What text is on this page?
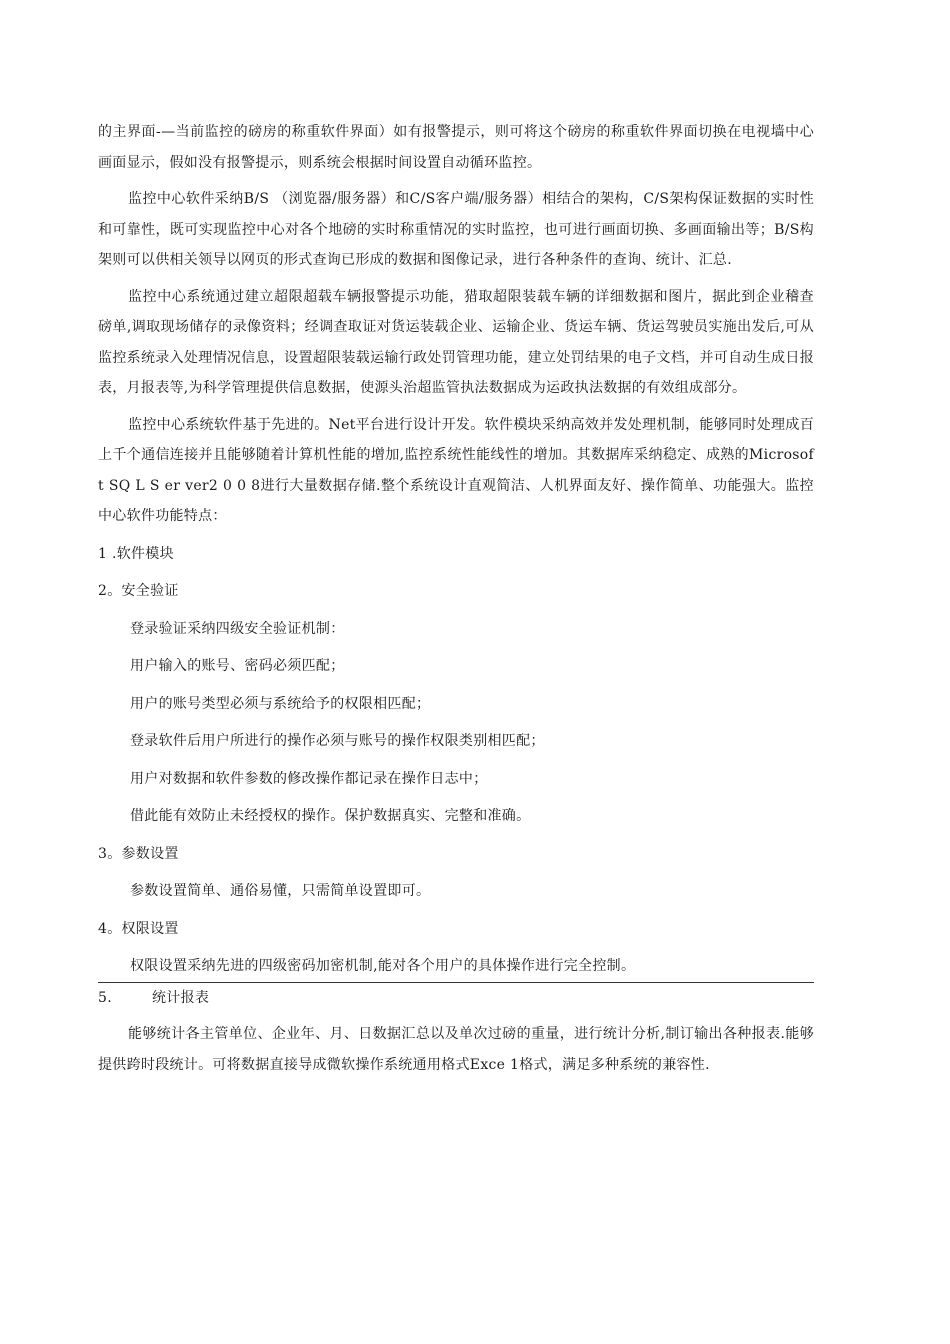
的主界面-—当前监控的磅房的称重软件界面）如有报警提示，则可将这个磅房的称重软件界面切换在电视墙中心画面显示，假如没有报警提示，则系统会根据时间设置自动循环监控。

监控中心软件采纳B/S （浏览器/服务器）和C/S客户端/服务器）相结合的架构，C/S架构保证数据的实时性和可靠性，既可实现监控中心对各个地磅的实时称重情况的实时监控，也可进行画面切换、多画面输出等；B/S构架则可以供相关领导以网页的形式查询已形成的数据和图像记录，进行各种条件的查询、统计、汇总.

监控中心系统通过建立超限超载车辆报警提示功能，猎取超限装载车辆的详细数据和图片，据此到企业稽查磅单,调取现场储存的录像资料；经调查取证对货运装载企业、运输企业、货运车辆、货运驾驶员实施出发后,可从监控系统录入处理情况信息，设置超限装载运输行政处罚管理功能，建立处罚结果的电子文档，并可自动生成日报表，月报表等,为科学管理提供信息数据，使源头治超监管执法数据成为运政执法数据的有效组成部分。

监控中心系统软件基于先进的。Net平台进行设计开发。软件模块采纳高效并发处理机制，能够同时处理成百上千个通信连接并且能够随着计算机性能的增加,监控系统性能线性的增加。其数据库采纳稳定、成熟的Microsof t SQ L S er ver2 0 0 8进行大量数据存储.整个系统设计直观简洁、人机界面友好、操作简单、功能强大。监控中心软件功能特点：

1 .软件模块

2。安全验证

登录验证采纳四级安全验证机制：

用户输入的账号、密码必须匹配；

用户的账号类型必须与系统给予的权限相匹配；

登录软件后用户所进行的操作必须与账号的操作权限类别相匹配；

用户对数据和软件参数的修改操作都记录在操作日志中；

借此能有效防止未经授权的操作。保护数据真实、完整和准确。

3。参数设置

参数设置简单、通俗易懂，只需简单设置即可。

4。权限设置

权限设置采纳先进的四级密码加密机制,能对各个用户的具体操作进行完全控制。

5.	统计报表

能够统计各主管单位、企业年、月、日数据汇总以及单次过磅的重量，进行统计分析,制订输出各种报表.能够提供跨时段统计。可将数据直接导成微软操作系统通用格式Exce 1格式，满足多种系统的兼容性.
